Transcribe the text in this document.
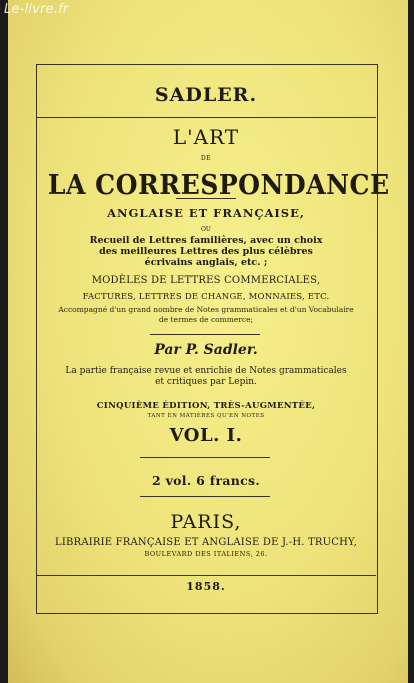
Le-livre.fr

SADLER.

L'ART

DE

LA CORRESPONDANCE

ANGLAISE ET FRANÇAISE,

OU

Recueil de Lettres familières, avec un choix

des meilleures Lettres des plus célèbres

écrivains anglais, etc. ;

MODÈLES DE LETTRES COMMERCIALES,

FACTURES, LETTRES DE CHANGE, MONNAIES, ETC.

Accompagné d'un grand nombre de Notes grammaticales et d'un Vocabulaire

de termes de commerce;

Par P. Sadler.

La partie française revue et enrichie de Notes grammaticales

et critiques par Lepin.

CINQUIÈME ÉDITION, TRÈS-AUGMENTÉE,

TANT EN MATIÈRES QU'EN NOTES

VOL. I.

2 vol. 6 francs.

PARIS,

LIBRAIRIE FRANÇAISE ET ANGLAISE DE J.-H. TRUCHY,

BOULEVARD DES ITALIENS, 26.

1858.
